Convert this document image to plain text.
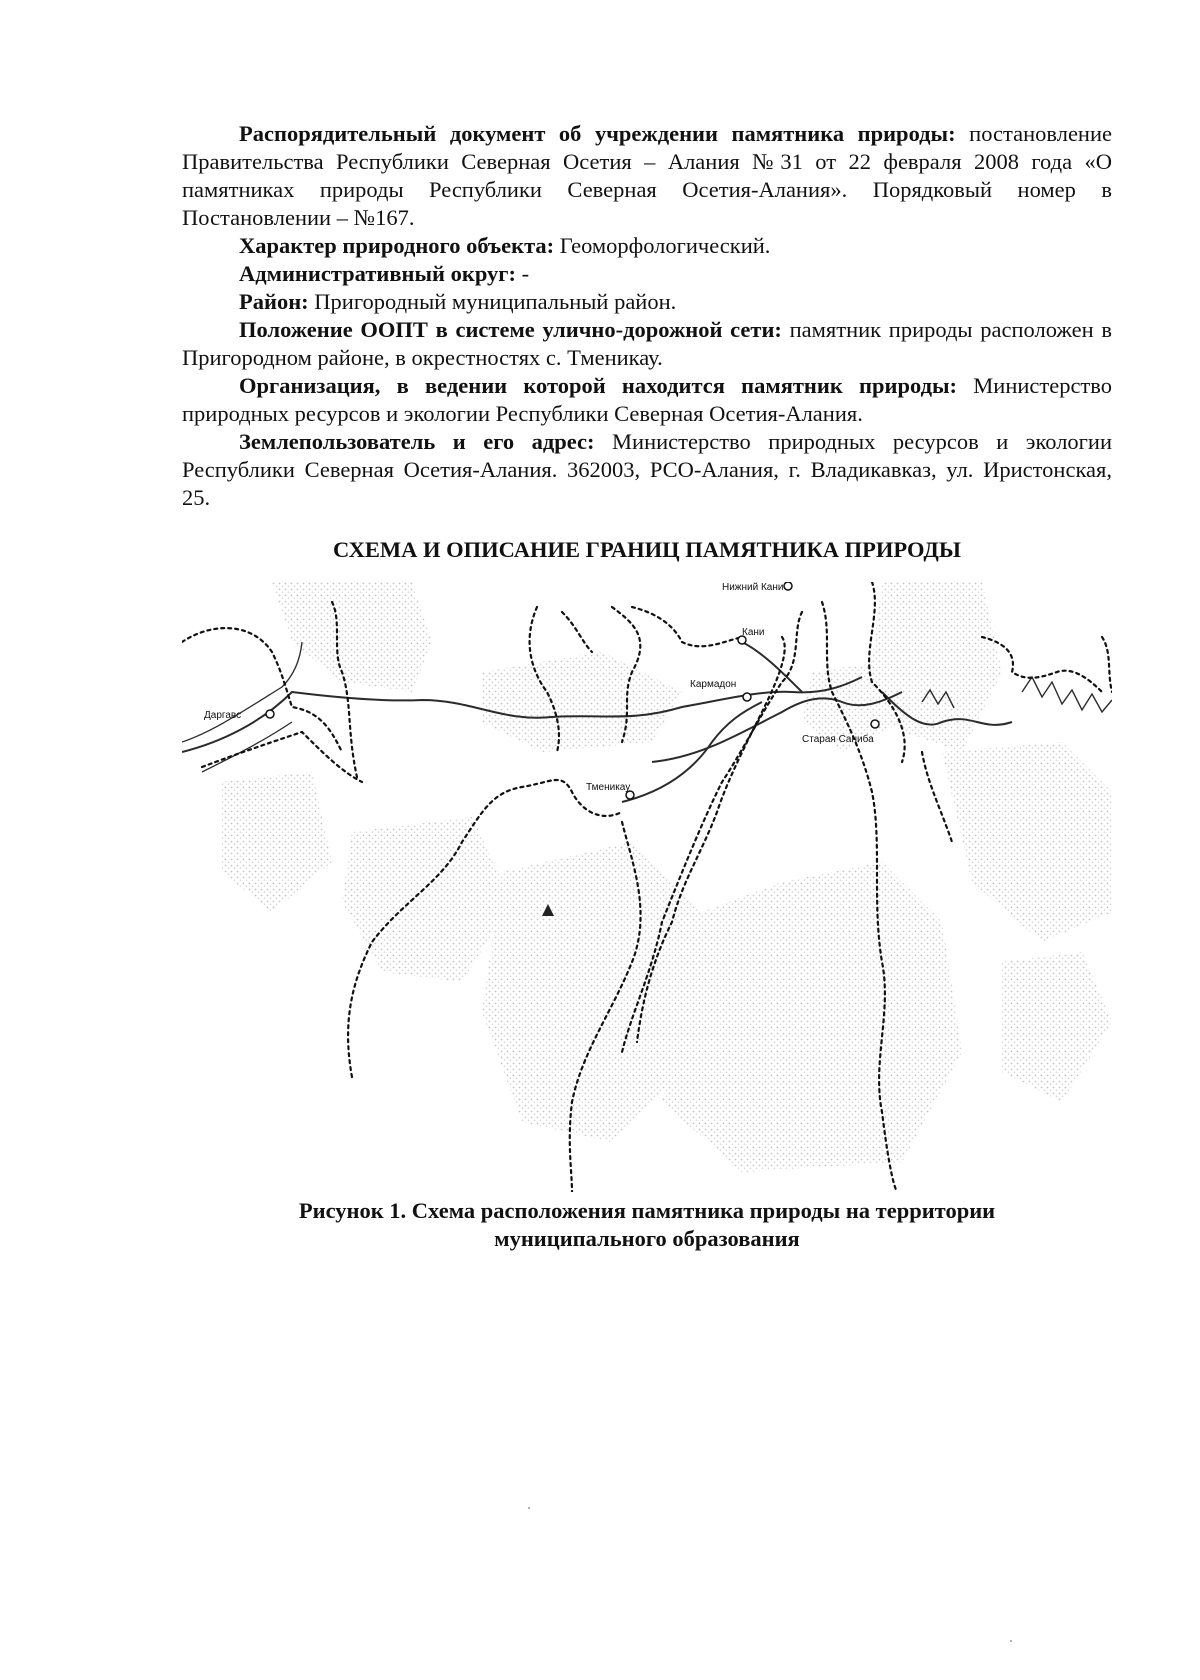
Распорядительный документ об учреждении памятника природы: постановление Правительства Республики Северная Осетия – Алания №31 от 22 февраля 2008 года «О памятниках природы Республики Северная Осетия-Алания». Порядковый номер в Постановлении – №167.

Характер природного объекта: Геоморфологический.

Административный округ: -

Район: Пригородный муниципальный район.

Положение ООПТ в системе улично-дорожной сети: памятник природы расположен в Пригородном районе, в окрестностях с. Тменикау.

Организация, в ведении которой находится памятник природы: Министерство природных ресурсов и экологии Республики Северная Осетия-Алания.

Землепользователь и его адрес: Министерство природных ресурсов и экологии Республики Северная Осетия-Алания. 362003, РСО-Алания, г. Владикавказ, ул. Иристонская, 25.

СХЕМА И ОПИСАНИЕ ГРАНИЦ ПАМЯТНИКА ПРИРОДЫ
Нижний Кани
Кани
Кармадон
Даргавс
Старая Саниба
Тменикау
Рисунок 1. Схема расположения памятника природы на территории
муниципального образования
